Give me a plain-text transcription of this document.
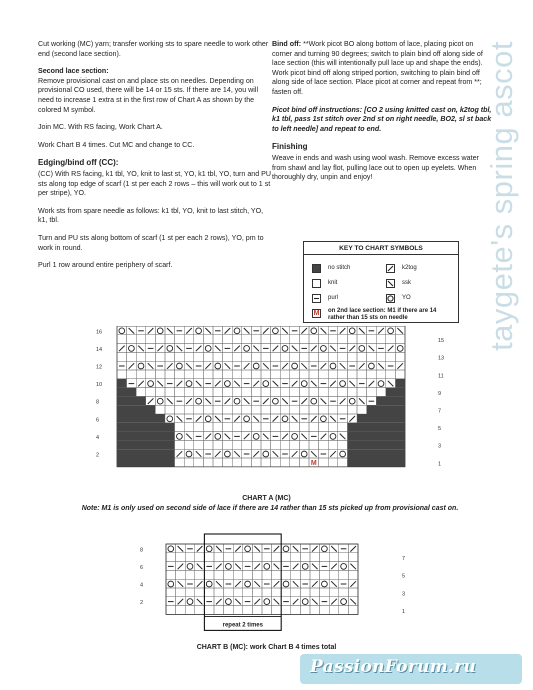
Cut working (MC) yarn; transfer working sts to spare needle to work other end (second lace section).

Second lace section:

Remove provisional cast on and place sts on needles. Depending on provisional CO used, there will be 14 or 15 sts. If there are 14, you will need to increase 1 extra st in the first row of Chart A as shown by the colored M symbol.

Join MC. With RS facing, Work Chart A.

Work Chart B 4 times. Cut MC and change to CC.

Edging/bind off (CC):

(CC) With RS facing, k1 tbl, YO, knit to last st, YO, k1 tbl, YO, turn and PU sts along top edge of scarf (1 st per each 2 rows – this will work out to 1 st per stripe), YO.

Work sts from spare needle as follows: k1 tbl, YO, knit to last stitch, YO, k1, tbl.

Turn and PU sts along bottom of scarf (1 st per each 2 rows), YO, pm to work in round.

Purl 1 row around entire periphery of scarf.

Bind off: **Work picot BO along bottom of lace, placing picot on corner and turning 90 degrees; switch to plain bind off along side of lace section (this will intentionally pull lace up and shape the ends). Work picot bind off along striped portion, switching to plain bind off along side of lace section. Place picot at corner and repeat from **; fasten off.

Picot bind off instructions: [CO 2 using knitted cast on, k2tog tbl, k1 tbl, pass 1st stitch over 2nd st on right needle, BO2, sl st back to left needle] and repeat to end.

Finishing

Weave in ends and wash using wool wash. Remove excess water from shawl and lay flot, pulling lace out to open up eyelets. When thoroughly dry, unpin and enjoy!	taygete's spring ascot
KEY TO CHART SYMBOLS
no stitch
knit
purl
k2tog
ssk
YO
M on 2nd lace section: M1 if there are 14 rather than 15 sts on needle
M
16
14
12
10
8
6
4
2
15
13
11
9
7
5
3
1
CHART A (MC)
Note: M1 is only used on second side of lace if there are 14 rather than 15 sts picked up from provisional cast on.
repeat 2 times
8
6
4
2
7
5
3
1
CHART B (MC): work Chart B 4 times total
PassionForum.ru
